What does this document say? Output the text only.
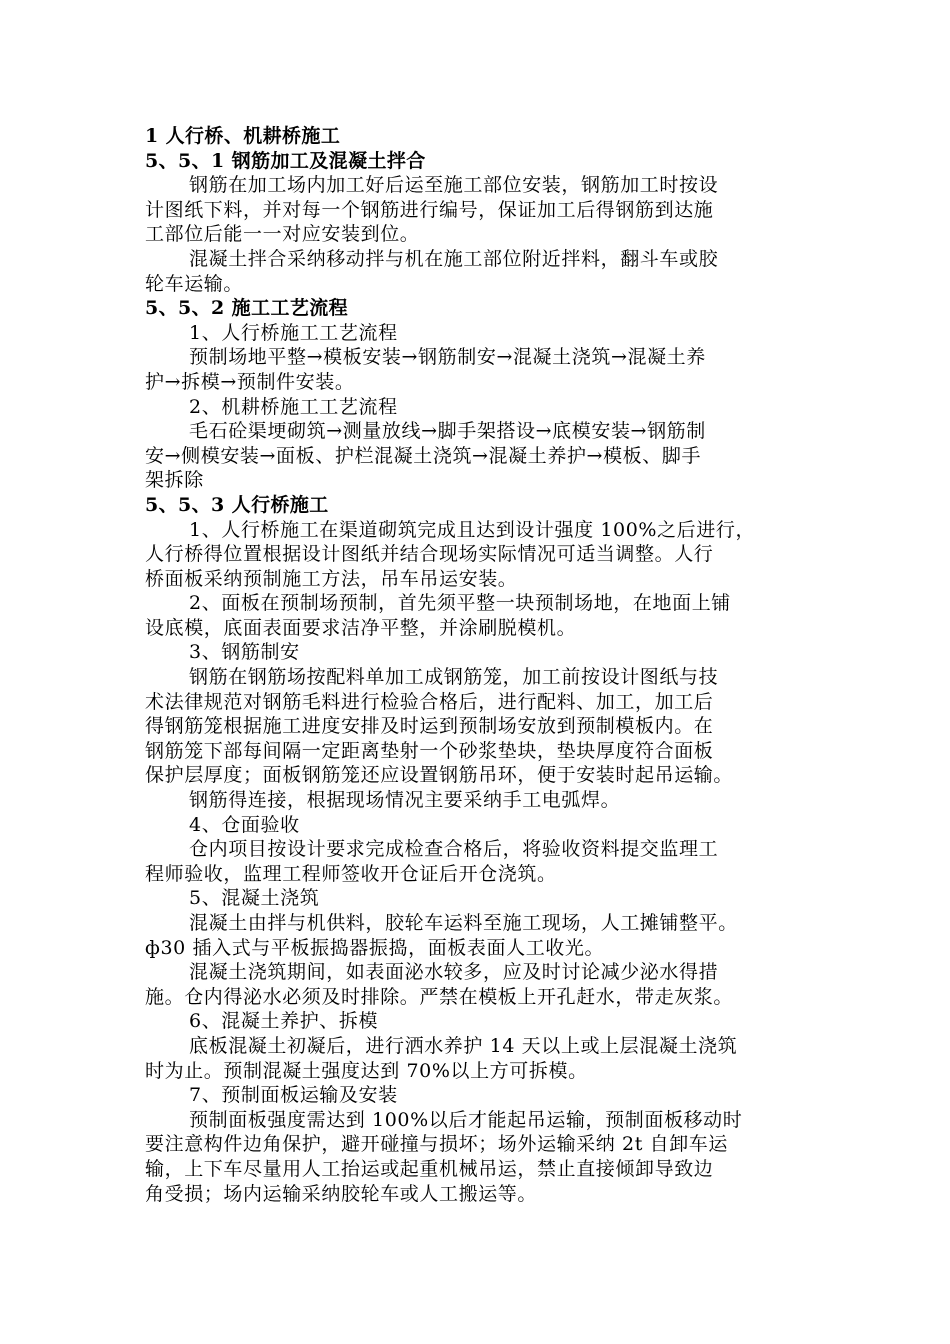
1 人行桥、机耕桥施工
5、5、1 钢筋加工及混凝土拌合
钢筋在加工场内加工好后运至施工部位安装，钢筋加工时按设
计图纸下料，并对每一个钢筋进行编号，保证加工后得钢筋到达施
工部位后能一一对应安装到位。
混凝土拌合采纳移动拌与机在施工部位附近拌料，翻斗车或胶
轮车运输。
5、5、2 施工工艺流程
1、人行桥施工工艺流程
预制场地平整→模板安装→钢筋制安→混凝土浇筑→混凝土养
护→拆模→预制件安装。
2、机耕桥施工工艺流程
毛石砼渠埂砌筑→测量放线→脚手架搭设→底模安装→钢筋制
安→侧模安装→面板、护栏混凝土浇筑→混凝土养护→模板、脚手
架拆除
5、5、3 人行桥施工
1、人行桥施工在渠道砌筑完成且达到设计强度 100%之后进行，
人行桥得位置根据设计图纸并结合现场实际情况可适当调整。人行
桥面板采纳预制施工方法，吊车吊运安装。
2、面板在预制场预制，首先须平整一块预制场地，在地面上铺
设底模，底面表面要求洁净平整，并涂刷脱模机。
3、钢筋制安
钢筋在钢筋场按配料单加工成钢筋笼，加工前按设计图纸与技
术法律规范对钢筋毛料进行检验合格后，进行配料、加工，加工后
得钢筋笼根据施工进度安排及时运到预制场安放到预制模板内。在
钢筋笼下部每间隔一定距离垫射一个砂浆垫块，垫块厚度符合面板
保护层厚度；面板钢筋笼还应设置钢筋吊环，便于安装时起吊运输。
钢筋得连接，根据现场情况主要采纳手工电弧焊。
4、仓面验收
仓内项目按设计要求完成检查合格后，将验收资料提交监理工
程师验收，监理工程师签收开仓证后开仓浇筑。
5、混凝土浇筑
混凝土由拌与机供料，胶轮车运料至施工现场，人工摊铺整平。
ф30 插入式与平板振捣器振捣，面板表面人工收光。
混凝土浇筑期间，如表面泌水较多，应及时讨论减少泌水得措
施。仓内得泌水必须及时排除。严禁在模板上开孔赶水，带走灰浆。
6、混凝土养护、拆模
底板混凝土初凝后，进行洒水养护 14 天以上或上层混凝土浇筑
时为止。预制混凝土强度达到 70%以上方可拆模。
7、预制面板运输及安装
预制面板强度需达到 100%以后才能起吊运输，预制面板移动时
要注意构件边角保护，避开碰撞与损坏；场外运输采纳 2t 自卸车运
输，上下车尽量用人工抬运或起重机械吊运，禁止直接倾卸导致边
角受损；场内运输采纳胶轮车或人工搬运等。
